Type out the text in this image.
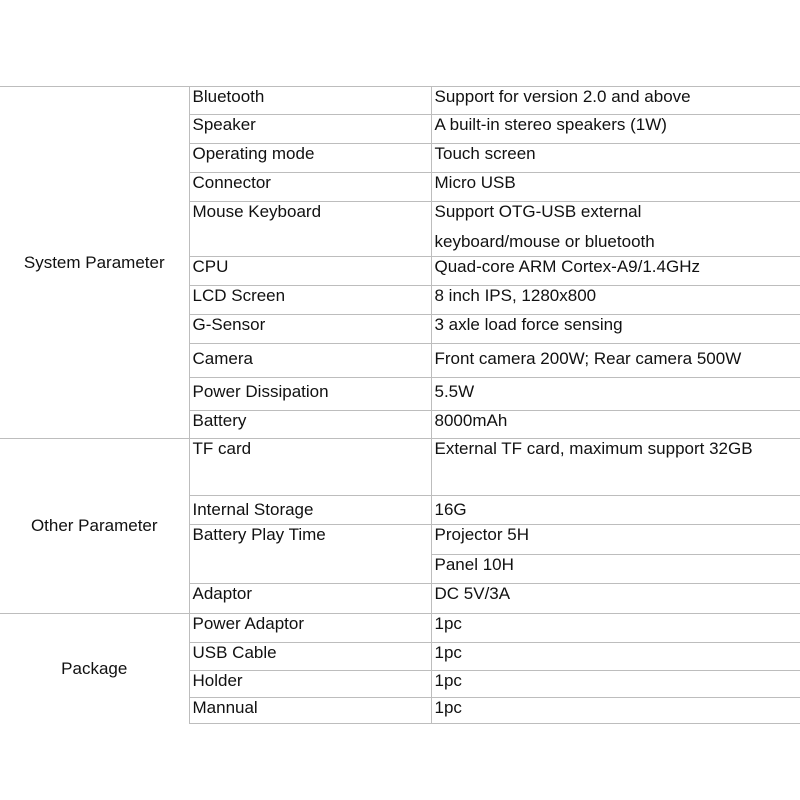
System Parameter	Bluetooth	Support for version 2.0 and above
	Speaker	A built-in stereo speakers (1W)
	Operating mode	Touch screen
	Connector	Micro USB
	Mouse Keyboard	Support OTG-USB external
		keyboard/mouse or bluetooth
	CPU	Quad-core ARM Cortex-A9/1.4GHz
	LCD Screen	8 inch IPS, 1280x800
	G-Sensor	3 axle load force sensing
	Camera	Front camera 200W; Rear camera 500W

	Power Dissipation	5.5W
	Battery	8000mAh
Other Parameter	TF card	External TF card, maximum support 32GB
	Internal Storage	16G
	Battery Play Time	Projector 5H
		Panel 10H
	Adaptor	DC 5V/3A
Package	Power Adaptor	1pc
	USB Cable	1pc
	Holder	1pc
	Mannual	1pc
